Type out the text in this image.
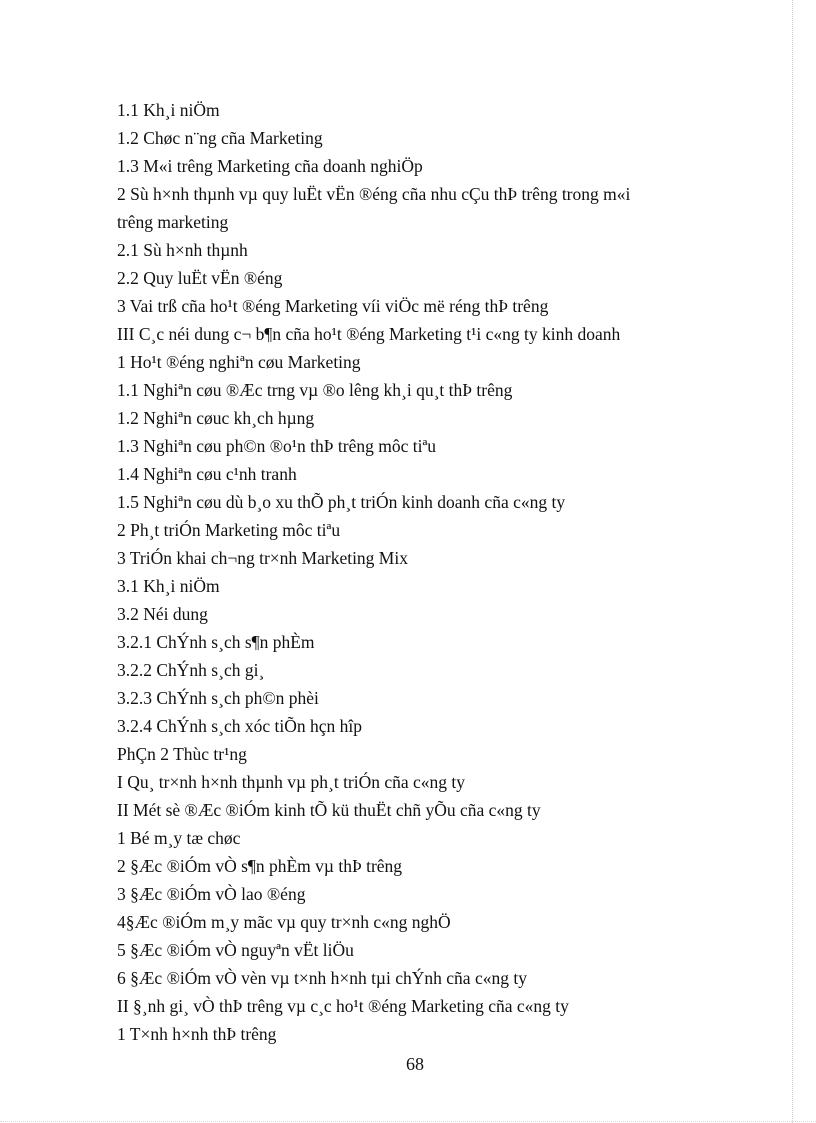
1.1 Kh¸i niÖm
1.2 Chøc n¨ng cña Marketing
1.3 M«i trêng Marketing cña doanh nghiÖp
2 Sù h×nh thµnh vµ quy luËt vËn ®éng cña nhu cÇu thÞ trêng trong m«i
trêng marketing
2.1 Sù h×nh thµnh
2.2 Quy luËt vËn ®éng
3 Vai trß cña ho¹t ®éng Marketing víi viÖc më réng thÞ trêng
III C¸c néi dung c¬ b¶n cña ho¹t ®éng Marketing t¹i c«ng ty kinh doanh
1 Ho¹t ®éng nghiªn cøu Marketing
1.1 Nghiªn cøu ®Æc trng vµ ®o lêng kh¸i qu¸t thÞ trêng
1.2 Nghiªn cøuc kh¸ch hµng
1.3 Nghiªn cøu ph©n ®o¹n thÞ trêng môc tiªu
1.4 Nghiªn cøu c¹nh tranh
1.5 Nghiªn cøu dù b¸o xu thÕ ph¸t triÓn kinh doanh cña c«ng ty
2 Ph¸t triÓn Marketing môc tiªu
3 TriÓn khai ch¬ng tr×nh Marketing Mix
3.1 Kh¸i niÖm
3.2 Néi dung
3.2.1 ChÝnh s¸ch s¶n phÈm
3.2.2 ChÝnh s¸ch gi¸
3.2.3 ChÝnh s¸ch ph©n phèi
3.2.4 ChÝnh s¸ch xóc tiÕn hçn hîp
PhÇn 2 Thùc tr¹ng
I Qu¸ tr×nh h×nh thµnh vµ ph¸t triÓn cña c«ng ty
II Mét sè ®Æc ®iÓm kinh tÕ kü thuËt chñ yÕu cña c«ng ty
1 Bé m¸y tæ chøc
2 §Æc ®iÓm vÒ s¶n phÈm vµ thÞ trêng
3 §Æc ®iÓm vÒ lao ®éng
4§Æc ®iÓm m¸y mãc vµ quy tr×nh c«ng nghÖ
5 §Æc ®iÓm vÒ nguyªn vËt liÖu
6 §Æc ®iÓm vÒ vèn vµ t×nh h×nh tµi chÝnh cña c«ng ty
II §¸nh gi¸ vÒ thÞ trêng vµ c¸c ho¹t ®éng Marketing cña c«ng ty
1 T×nh h×nh thÞ trêng
68
